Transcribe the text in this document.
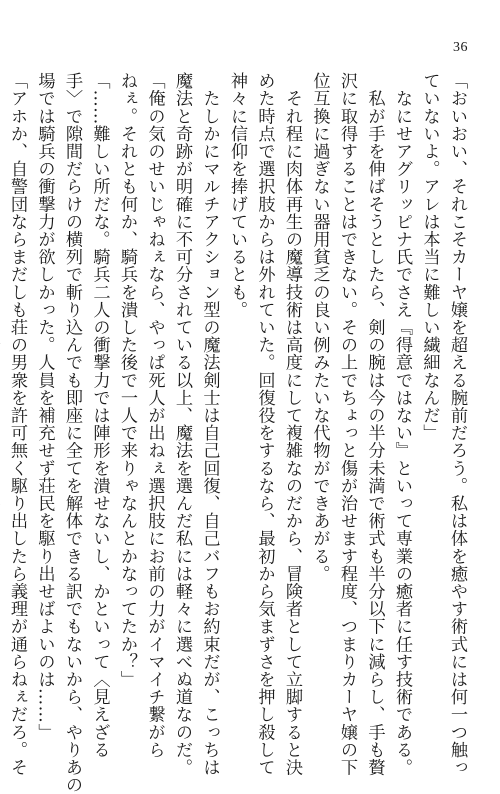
36
「おいおい、それこそカーヤ嬢を超える腕前だろう。私は体を癒やす術式には何一つ触っ
ていないよ。アレは本当に難しい繊細なんだ」
　なにせアグリッピナ氏でさえ『得意ではない』といって専業の癒者に任す技術である。
　私が手を伸ばそうとしたら、剣の腕は今の半分未満で術式も半分以下に減らし、手も贅
沢に取得することはできない。その上でちょっと傷が治せます程度、つまりカーヤ嬢の下
位互換に過ぎない器用貧乏の良い例みたいな代物ができあがる。
　それ程に肉体再生の魔導技術は高度にして複雑なのだから、冒険者として立脚すると決
めた時点で選択肢からは外れていた。回復役をするなら、最初から気まずさを押し殺して
神々に信仰を捧げているとも。
　たしかにマルチアクション型の魔法剣士は自己回復、自己バフもお約束だが、こっちは
魔法と奇跡が明確に不可分されている以上、魔法を選んだ私には軽々に選べぬ道なのだ。
「俺の気のせいじゃねぇなら、やっぱ死人が出ねぇ選択肢にお前の力がイマイチ繋がら
ねぇ。それとも何か、騎兵を潰した後で一人で来りゃなんとかなってたか？」
「……難しい所だな。騎兵二人の衝撃力では陣形を潰せないし、かといって〈見えざる
手〉で隙間だらけの横列で斬り込んでも即座に全てを解体できる訳でもないから、やりあの
場では騎兵の衝撃力が欲しかった。人員を補充せず荘民を駆り出せばよいのは……」
「アホか、自警団ならまだしも荘の男衆を許可無く駆り出したら義理が通らねぇだろ。そ
